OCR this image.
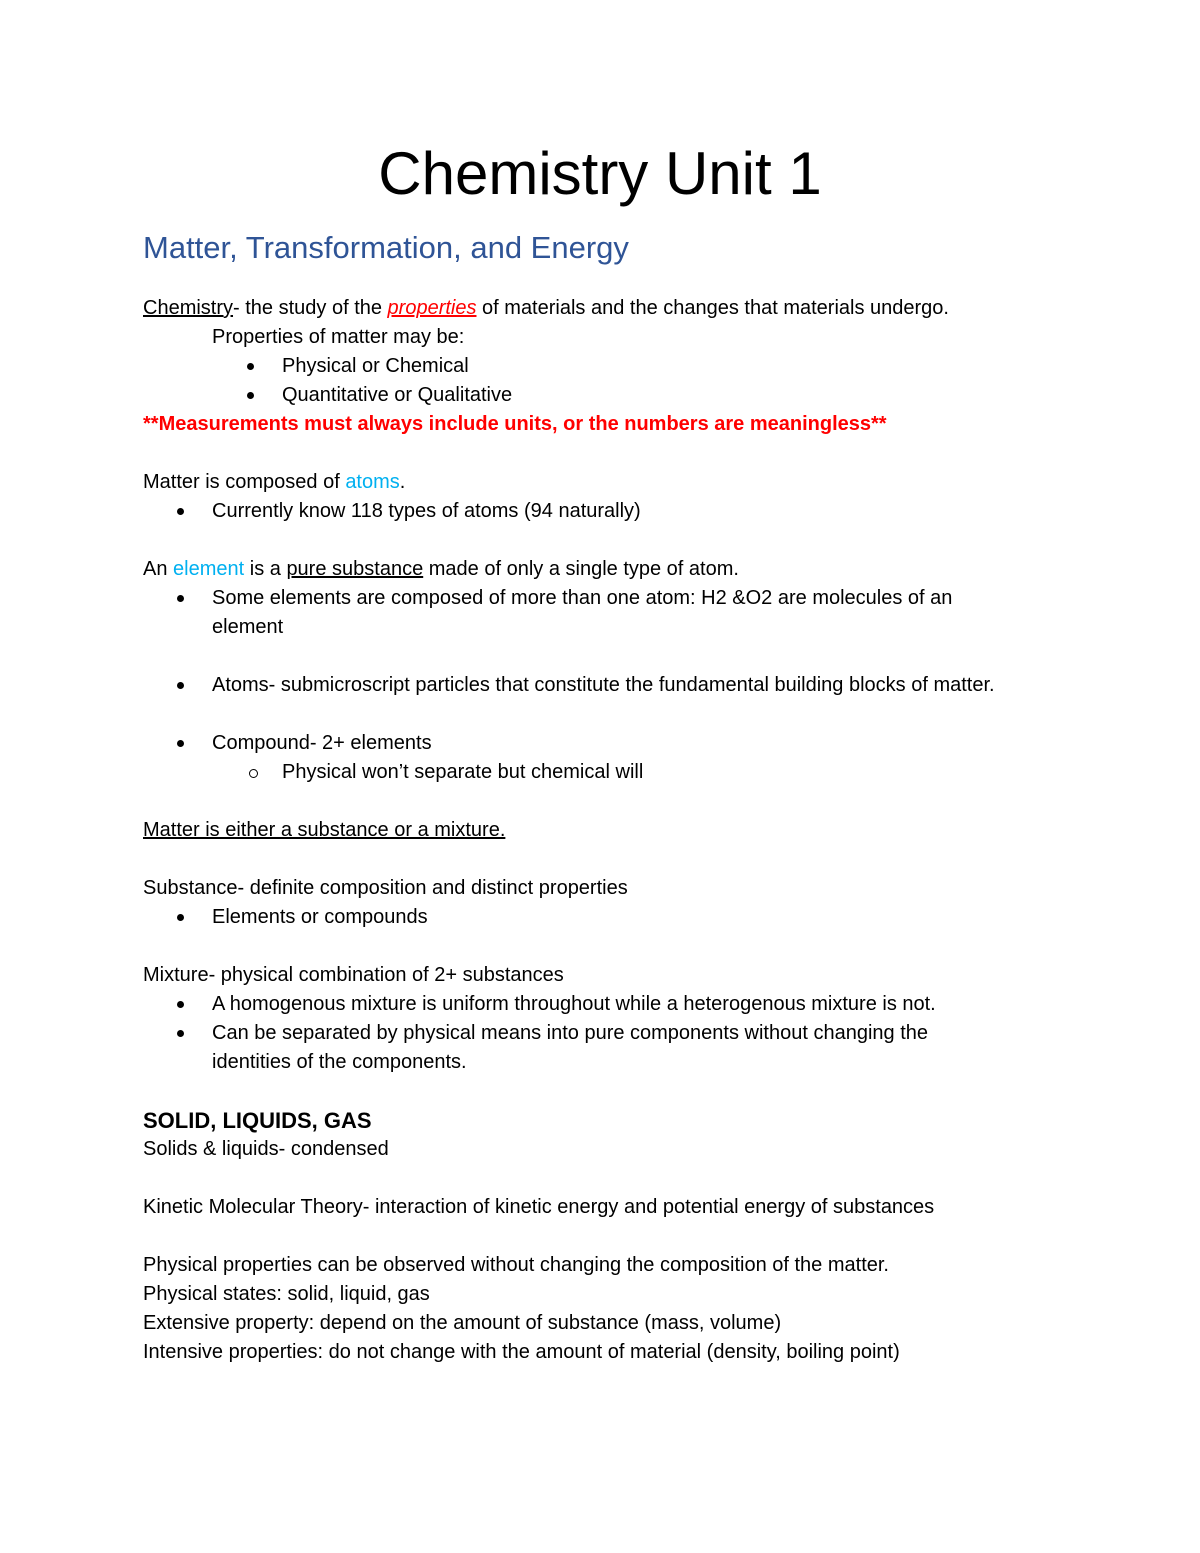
Chemistry Unit 1
Matter, Transformation, and Energy

Chemistry- the study of the properties of materials and the changes that materials undergo.

Properties of matter may be:

Physical or Chemical
Quantitative or Qualitative

**Measurements must always include units, or the numbers are meaningless**

Matter is composed of atoms.

Currently know 118 types of atoms (94 naturally)

An element is a pure substance made of only a single type of atom.

Some elements are composed of more than one atom: H2 &O2 are molecules of an element
Atoms- submicroscript particles that constitute the fundamental building blocks of matter.
Compound- 2+ elements
Physical won’t separate but chemical will

Matter is either a substance or a mixture.

Substance- definite composition and distinct properties

Elements or compounds

Mixture- physical combination of 2+ substances

A homogenous mixture is uniform throughout while a heterogenous mixture is not.
Can be separated by physical means into pure components without changing the identities of the components.

SOLID, LIQUIDS, GAS

Solids & liquids- condensed

Kinetic Molecular Theory- interaction of kinetic energy and potential energy of substances

Physical properties can be observed without changing the composition of the matter.

Physical states: solid, liquid, gas

Extensive property: depend on the amount of substance (mass, volume)

Intensive properties: do not change with the amount of material (density, boiling point)
